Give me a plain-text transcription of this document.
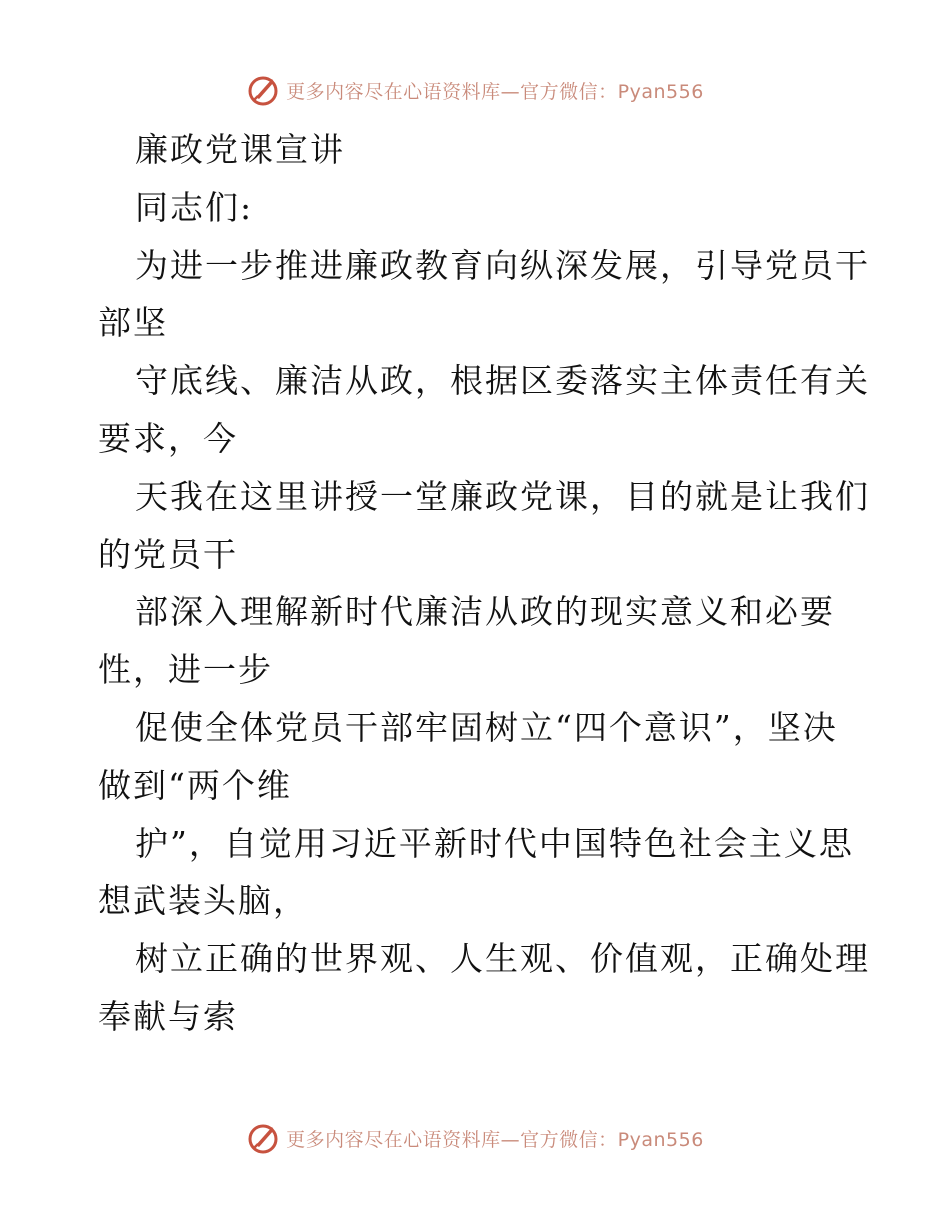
更多内容尽在心语资料库—官方微信：Pyan556
廉政党课宣讲
同志们:
为进一步推进廉政教育向纵深发展，引导党员干
部坚
守底线、廉洁从政，根据区委落实主体责任有关
要求，今
天我在这里讲授一堂廉政党课，目的就是让我们
的党员干
部深入理解新时代廉洁从政的现实意义和必要
性，进一步
促使全体党员干部牢固树立“四个意识”，坚决
做到“两个维
护”，自觉用习近平新时代中国特色社会主义思
想武装头脑，
树立正确的世界观、人生观、价值观，正确处理
奉献与索
更多内容尽在心语资料库—官方微信：Pyan556
